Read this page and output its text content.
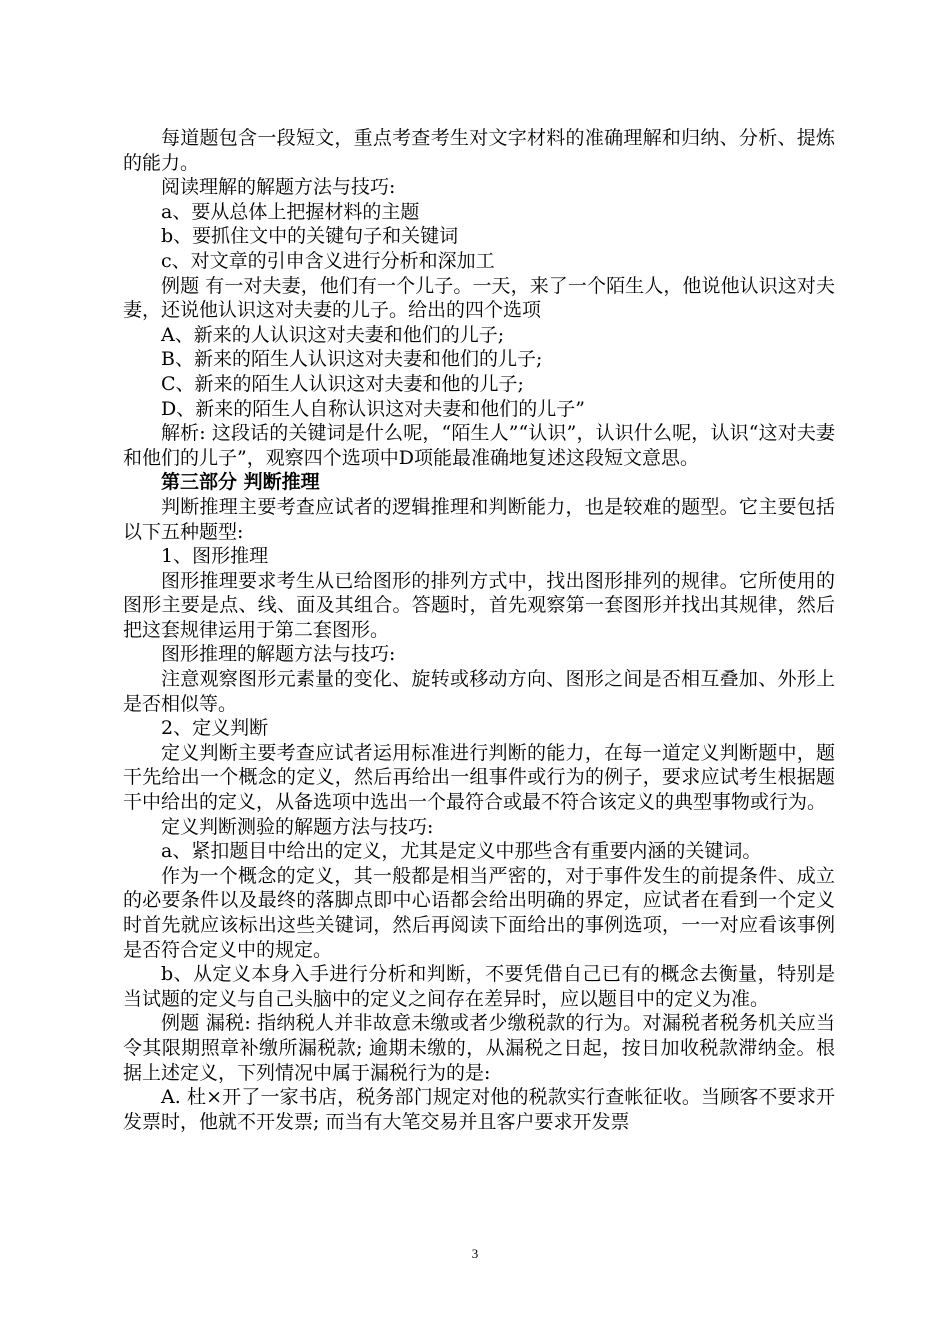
每道题包含一段短文，重点考查考生对文字材料的准确理解和归纳、分析、提炼的能力。

阅读理解的解题方法与技巧:

a、要从总体上把握材料的主题

b、要抓住文中的关键句子和关键词

c、对文章的引申含义进行分析和深加工

例题 有一对夫妻，他们有一个儿子。一天，来了一个陌生人，他说他认识这对夫妻，还说他认识这对夫妻的儿子。给出的四个选项

A、新来的人认识这对夫妻和他们的儿子;

B、新来的陌生人认识这对夫妻和他们的儿子;

C、新来的陌生人认识这对夫妻和他的儿子;

D、新来的陌生人自称认识这对夫妻和他们的儿子”

解析: 这段话的关键词是什么呢，“陌生人”“认识”，认识什么呢，认识“这对夫妻和他们的儿子”，观察四个选项中D项能最准确地复述这段短文意思。

第三部分 判断推理

判断推理主要考查应试者的逻辑推理和判断能力，也是较难的题型。它主要包括以下五种题型:

1、图形推理

图形推理要求考生从已给图形的排列方式中，找出图形排列的规律。它所使用的图形主要是点、线、面及其组合。答题时，首先观察第一套图形并找出其规律，然后把这套规律运用于第二套图形。

图形推理的解题方法与技巧:

注意观察图形元素量的变化、旋转或移动方向、图形之间是否相互叠加、外形上是否相似等。

2、定义判断

定义判断主要考查应试者运用标准进行判断的能力，在每一道定义判断题中，题干先给出一个概念的定义，然后再给出一组事件或行为的例子，要求应试考生根据题干中给出的定义，从备选项中选出一个最符合或最不符合该定义的典型事物或行为。

定义判断测验的解题方法与技巧:

a、紧扣题目中给出的定义，尤其是定义中那些含有重要内涵的关键词。

作为一个概念的定义，其一般都是相当严密的，对于事件发生的前提条件、成立的必要条件以及最终的落脚点即中心语都会给出明确的界定，应试者在看到一个定义时首先就应该标出这些关键词，然后再阅读下面给出的事例选项，一一对应看该事例是否符合定义中的规定。

b、从定义本身入手进行分析和判断，不要凭借自己已有的概念去衡量，特别是当试题的定义与自己头脑中的定义之间存在差异时，应以题目中的定义为准。

例题 漏税: 指纳税人并非故意未缴或者少缴税款的行为。对漏税者税务机关应当令其限期照章补缴所漏税款; 逾期未缴的，从漏税之日起，按日加收税款滞纳金。根据上述定义，下列情况中属于漏税行为的是:

A. 杜×开了一家书店，税务部门规定对他的税款实行查帐征收。当顾客不要求开发票时，他就不开发票; 而当有大笔交易并且客户要求开发票

3
